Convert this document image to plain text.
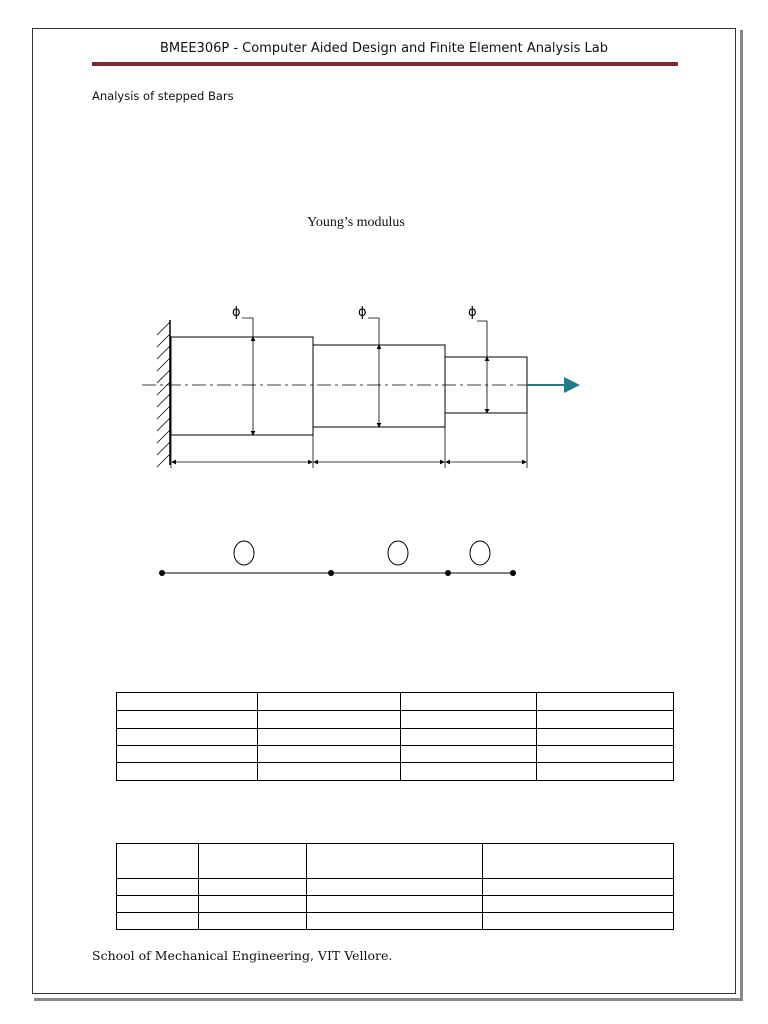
BMEE306P - Computer Aided Design and Finite Element Analysis Lab
Analysis of stepped Bars
Young’s modulus
ϕ	ϕ	ϕ

School of Mechanical Engineering, VIT Vellore.
